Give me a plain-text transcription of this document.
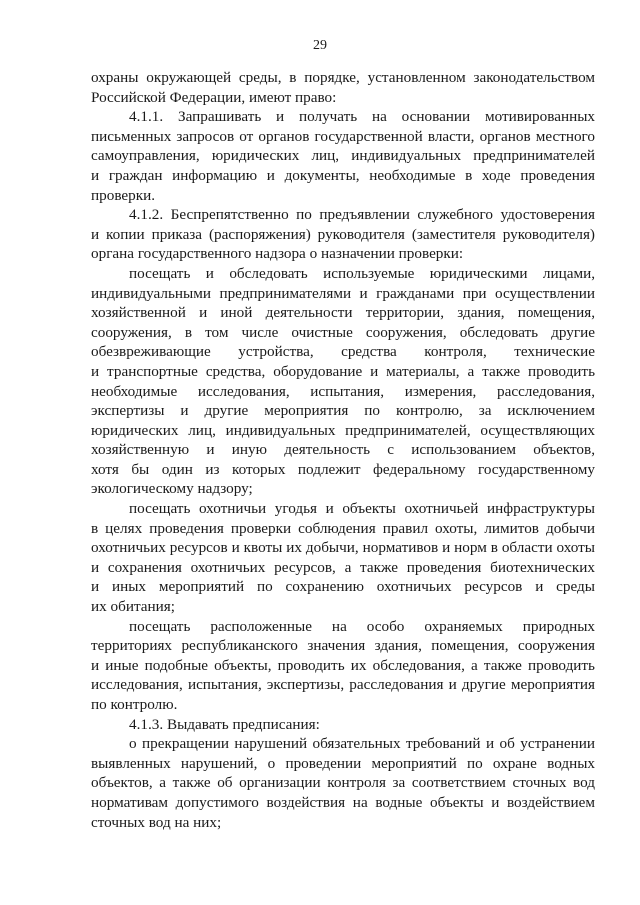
29
охраны окружающей среды, в порядке, установленном законодательством
Российской Федерации, имеют право:
4.1.1. Запрашивать и получать на основании мотивированных
письменных запросов от органов государственной власти, органов местного
самоуправления, юридических лиц, индивидуальных предпринимателей
и граждан информацию и документы, необходимые в ходе проведения
проверки.
4.1.2. Беспрепятственно по предъявлении служебного удостоверения
и копии приказа (распоряжения) руководителя (заместителя руководителя)
органа государственного надзора о назначении проверки:
посещать и обследовать используемые юридическими лицами,
индивидуальными предпринимателями и гражданами при осуществлении
хозяйственной и иной деятельности территории, здания, помещения,
сооружения, в том числе очистные сооружения, обследовать другие
обезвреживающие устройства, средства контроля, технические
и транспортные средства, оборудование и материалы, а также проводить
необходимые исследования, испытания, измерения, расследования,
экспертизы и другие мероприятия по контролю, за исключением
юридических лиц, индивидуальных предпринимателей, осуществляющих
хозяйственную и иную деятельность с использованием объектов,
хотя бы один из которых подлежит федеральному государственному
экологическому надзору;
посещать охотничьи угодья и объекты охотничьей инфраструктуры
в целях проведения проверки соблюдения правил охоты, лимитов добычи
охотничьих ресурсов и квоты их добычи, нормативов и норм в области охоты
и сохранения охотничьих ресурсов, а также проведения биотехнических
и иных мероприятий по сохранению охотничьих ресурсов и среды
их обитания;
посещать расположенные на особо охраняемых природных
территориях республиканского значения здания, помещения, сооружения
и иные подобные объекты, проводить их обследования, а также проводить
исследования, испытания, экспертизы, расследования и другие мероприятия
по контролю.
4.1.3. Выдавать предписания:
о прекращении нарушений обязательных требований и об устранении
выявленных нарушений, о проведении мероприятий по охране водных
объектов, а также об организации контроля за соответствием сточных вод
нормативам допустимого воздействия на водные объекты и воздействием
сточных вод на них;
